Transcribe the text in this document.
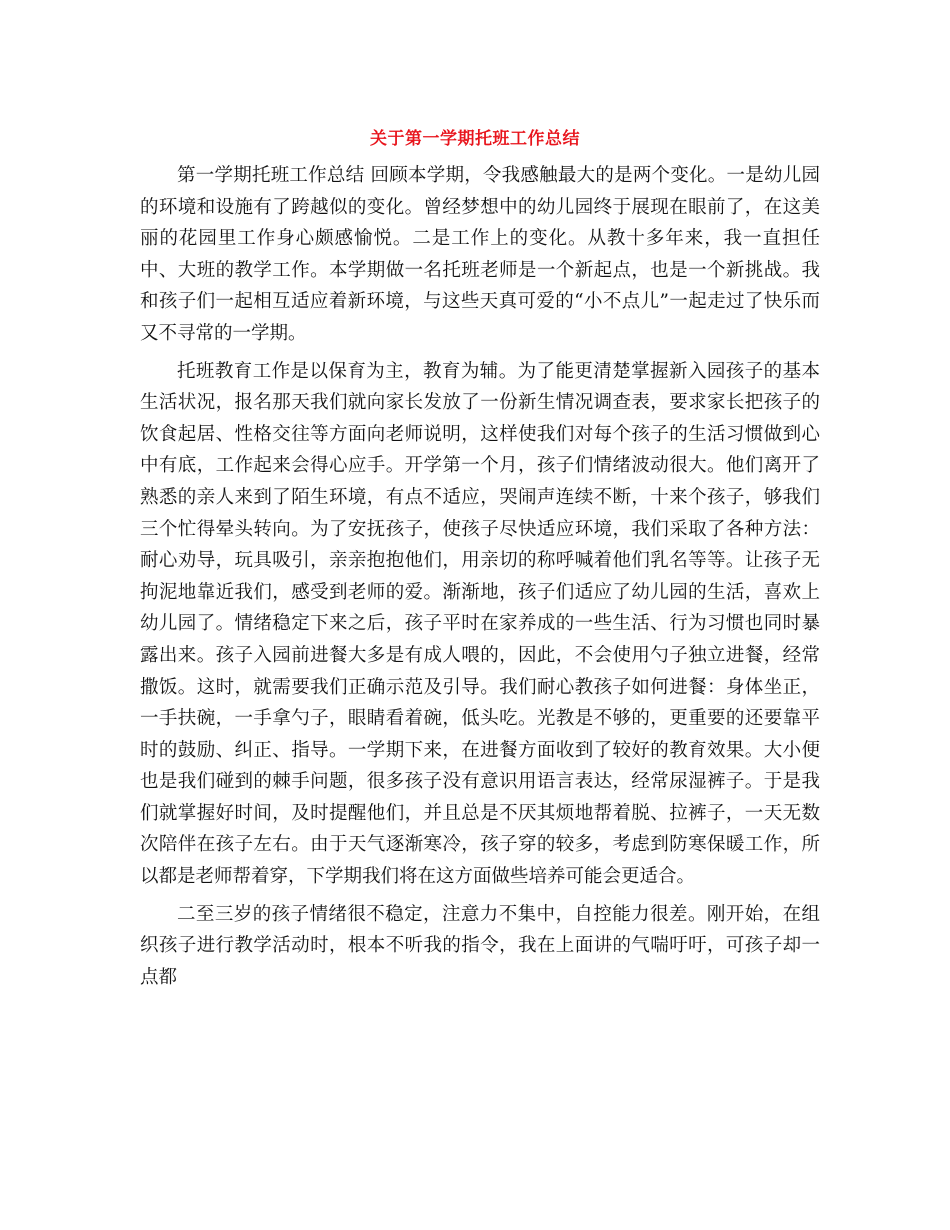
关于第一学期托班工作总结

第一学期托班工作总结 回顾本学期，令我感触最大的是两个变化。一是幼儿园的环境和设施有了跨越似的变化。曾经梦想中的幼儿园终于展现在眼前了，在这美丽的花园里工作身心颇感愉悦。二是工作上的变化。从教十多年来，我一直担任中、大班的教学工作。本学期做一名托班老师是一个新起点，也是一个新挑战。我和孩子们一起相互适应着新环境，与这些天真可爱的“小不点儿”一起走过了快乐而又不寻常的一学期。

托班教育工作是以保育为主，教育为辅。为了能更清楚掌握新入园孩子的基本生活状况，报名那天我们就向家长发放了一份新生情况调查表，要求家长把孩子的饮食起居、性格交往等方面向老师说明，这样使我们对每个孩子的生活习惯做到心中有底，工作起来会得心应手。开学第一个月，孩子们情绪波动很大。他们离开了熟悉的亲人来到了陌生环境，有点不适应，哭闹声连续不断，十来个孩子，够我们三个忙得晕头转向。为了安抚孩子，使孩子尽快适应环境，我们采取了各种方法：耐心劝导，玩具吸引，亲亲抱抱他们，用亲切的称呼喊着他们乳名等等。让孩子无拘泥地靠近我们，感受到老师的爱。渐渐地，孩子们适应了幼儿园的生活，喜欢上幼儿园了。情绪稳定下来之后，孩子平时在家养成的一些生活、行为习惯也同时暴露出来。孩子入园前进餐大多是有成人喂的，因此，不会使用勺子独立进餐，经常撒饭。这时，就需要我们正确示范及引导。我们耐心教孩子如何进餐：身体坐正，一手扶碗，一手拿勺子，眼睛看着碗，低头吃。光教是不够的，更重要的还要靠平时的鼓励、纠正、指导。一学期下来，在进餐方面收到了较好的教育效果。大小便也是我们碰到的棘手问题，很多孩子没有意识用语言表达，经常尿湿裤子。于是我们就掌握好时间，及时提醒他们，并且总是不厌其烦地帮着脱、拉裤子，一天无数次陪伴在孩子左右。由于天气逐渐寒冷，孩子穿的较多，考虑到防寒保暖工作，所以都是老师帮着穿，下学期我们将在这方面做些培养可能会更适合。

二至三岁的孩子情绪很不稳定，注意力不集中，自控能力很差。刚开始，在组织孩子进行教学活动时，根本不听我的指令，我在上面讲的气喘吁吁，可孩子却一点都
